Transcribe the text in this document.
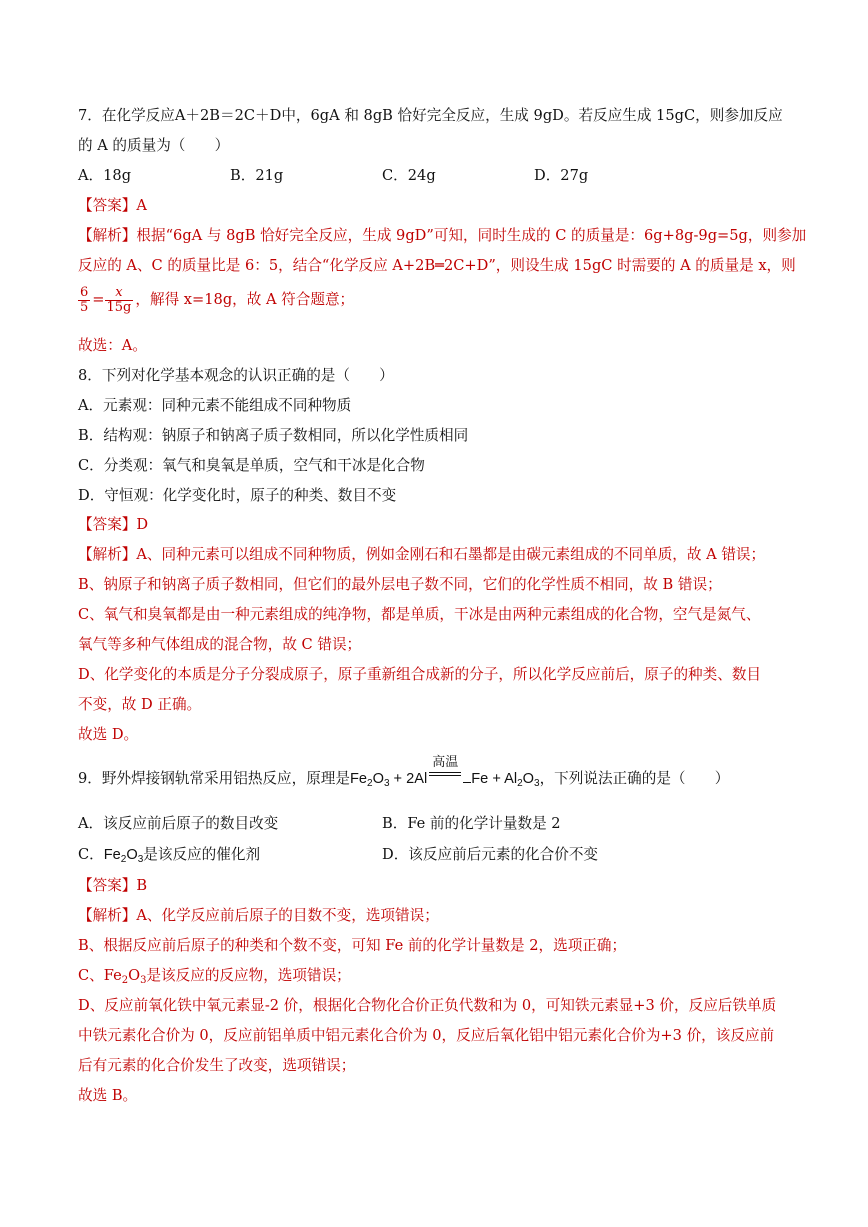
7．在化学反应A＋2B＝2C＋D中，6gA 和 8gB 恰好完全反应，生成 9gD。若反应生成 15gC，则参加反应
的 A 的质量为（　　）
A．18g	B．21g	C．24g	D．27g
【答案】A
【解析】根据“6gA 与 8gB 恰好完全反应，生成 9gD”可知，同时生成的 C 的质量是：6g+8g-9g=5g，则参加
反应的 A、C 的质量比是 6：5，结合“化学反应 A+2B═2C+D”，则设生成 15gC 时需要的 A 的质量是 x，则
$\frac{6}{5} = \frac{x}{15g}$ ，解得 x=18g，故 A 符合题意；
故选：A。
8．下列对化学基本观念的认识正确的是（　　）
A．元素观：同种元素不能组成不同种物质
B．结构观：钠原子和钠离子质子数相同，所以化学性质相同
C．分类观：氧气和臭氧是单质，空气和干冰是化合物
D．守恒观：化学变化时，原子的种类、数目不变
【答案】D
【解析】A、同种元素可以组成不同种物质，例如金刚石和石墨都是由碳元素组成的不同单质，故 A 错误；
B、钠原子和钠离子质子数相同，但它们的最外层电子数不同，它们的化学性质不相同，故 B 错误；
C、氧气和臭氧都是由一种元素组成的纯净物，都是单质，干冰是由两种元素组成的化合物，空气是氮气、
氧气等多种气体组成的混合物，故 C 错误；
D、化学变化的本质是分子分裂成原子，原子重新组合成新的分子，所以化学反应前后，原子的种类、数目
不变，故 D 正确。
故选 D。
9．野外焊接钢轨常采用铝热反应，原理是$Fe_2O_3 + 2Al$
高温
$Fe + Al_2O_3$，下列说法正确的是（　　）
A．该反应前后原子的数目改变	B．Fe 前的化学计量数是 2
C．$Fe_2O_3$是该反应的催化剂	D．该反应前后元素的化合价不变
【答案】B
【解析】A、化学反应前后原子的目数不变，选项错误；
B、根据反应前后原子的种类和个数不变，可知 Fe 前的化学计量数是 2，选项正确；
C、$Fe_2O_3$是该反应的反应物，选项错误；
D、反应前氧化铁中氧元素显-2 价，根据化合物化合价正负代数和为 0，可知铁元素显+3 价，反应后铁单质
中铁元素化合价为 0，反应前铝单质中铝元素化合价为 0，反应后氧化铝中铝元素化合价为+3 价，该反应前
后有元素的化合价发生了改变，选项错误；
故选 B。
